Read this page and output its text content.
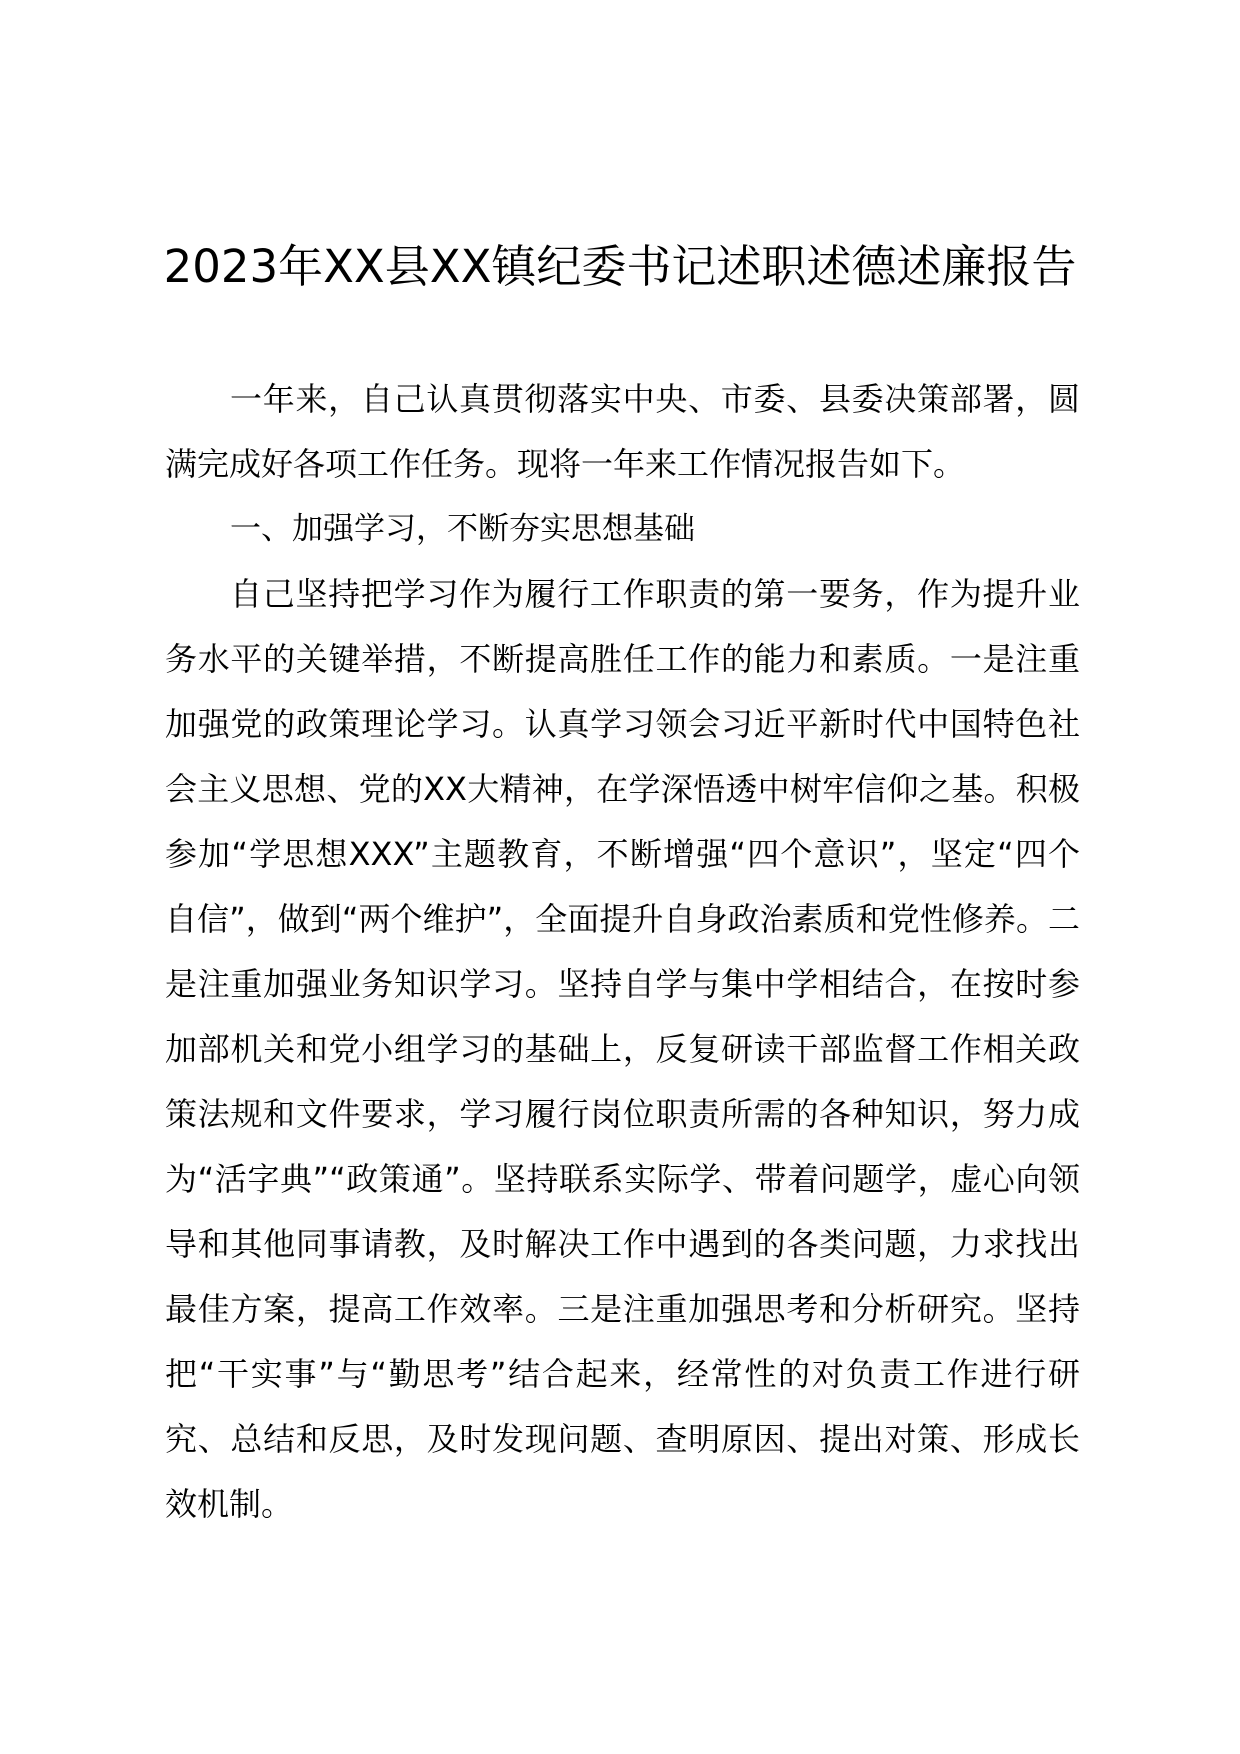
2023年XX县XX镇纪委书记述职述德述廉报告

一年来，自己认真贯彻落实中央、市委、县委决策部署，圆满完成好各项工作任务。现将一年来工作情况报告如下。

一、加强学习，不断夯实思想基础

自己坚持把学习作为履行工作职责的第一要务，作为提升业务水平的关键举措，不断提高胜任工作的能力和素质。一是注重加强党的政策理论学习。认真学习领会习近平新时代中国特色社会主义思想、党的XX大精神，在学深悟透中树牢信仰之基。积极参加“学思想XXX”主题教育，不断增强“四个意识”，坚定“四个自信”，做到“两个维护”，全面提升自身政治素质和党性修养。二是注重加强业务知识学习。坚持自学与集中学相结合，在按时参加部机关和党小组学习的基础上，反复研读干部监督工作相关政策法规和文件要求，学习履行岗位职责所需的各种知识，努力成为“活字典”“政策通”。坚持联系实际学、带着问题学，虚心向领导和其他同事请教，及时解决工作中遇到的各类问题，力求找出最佳方案，提高工作效率。三是注重加强思考和分析研究。坚持把“干实事”与“勤思考”结合起来，经常性的对负责工作进行研究、总结和反思，及时发现问题、查明原因、提出对策、形成长效机制。
